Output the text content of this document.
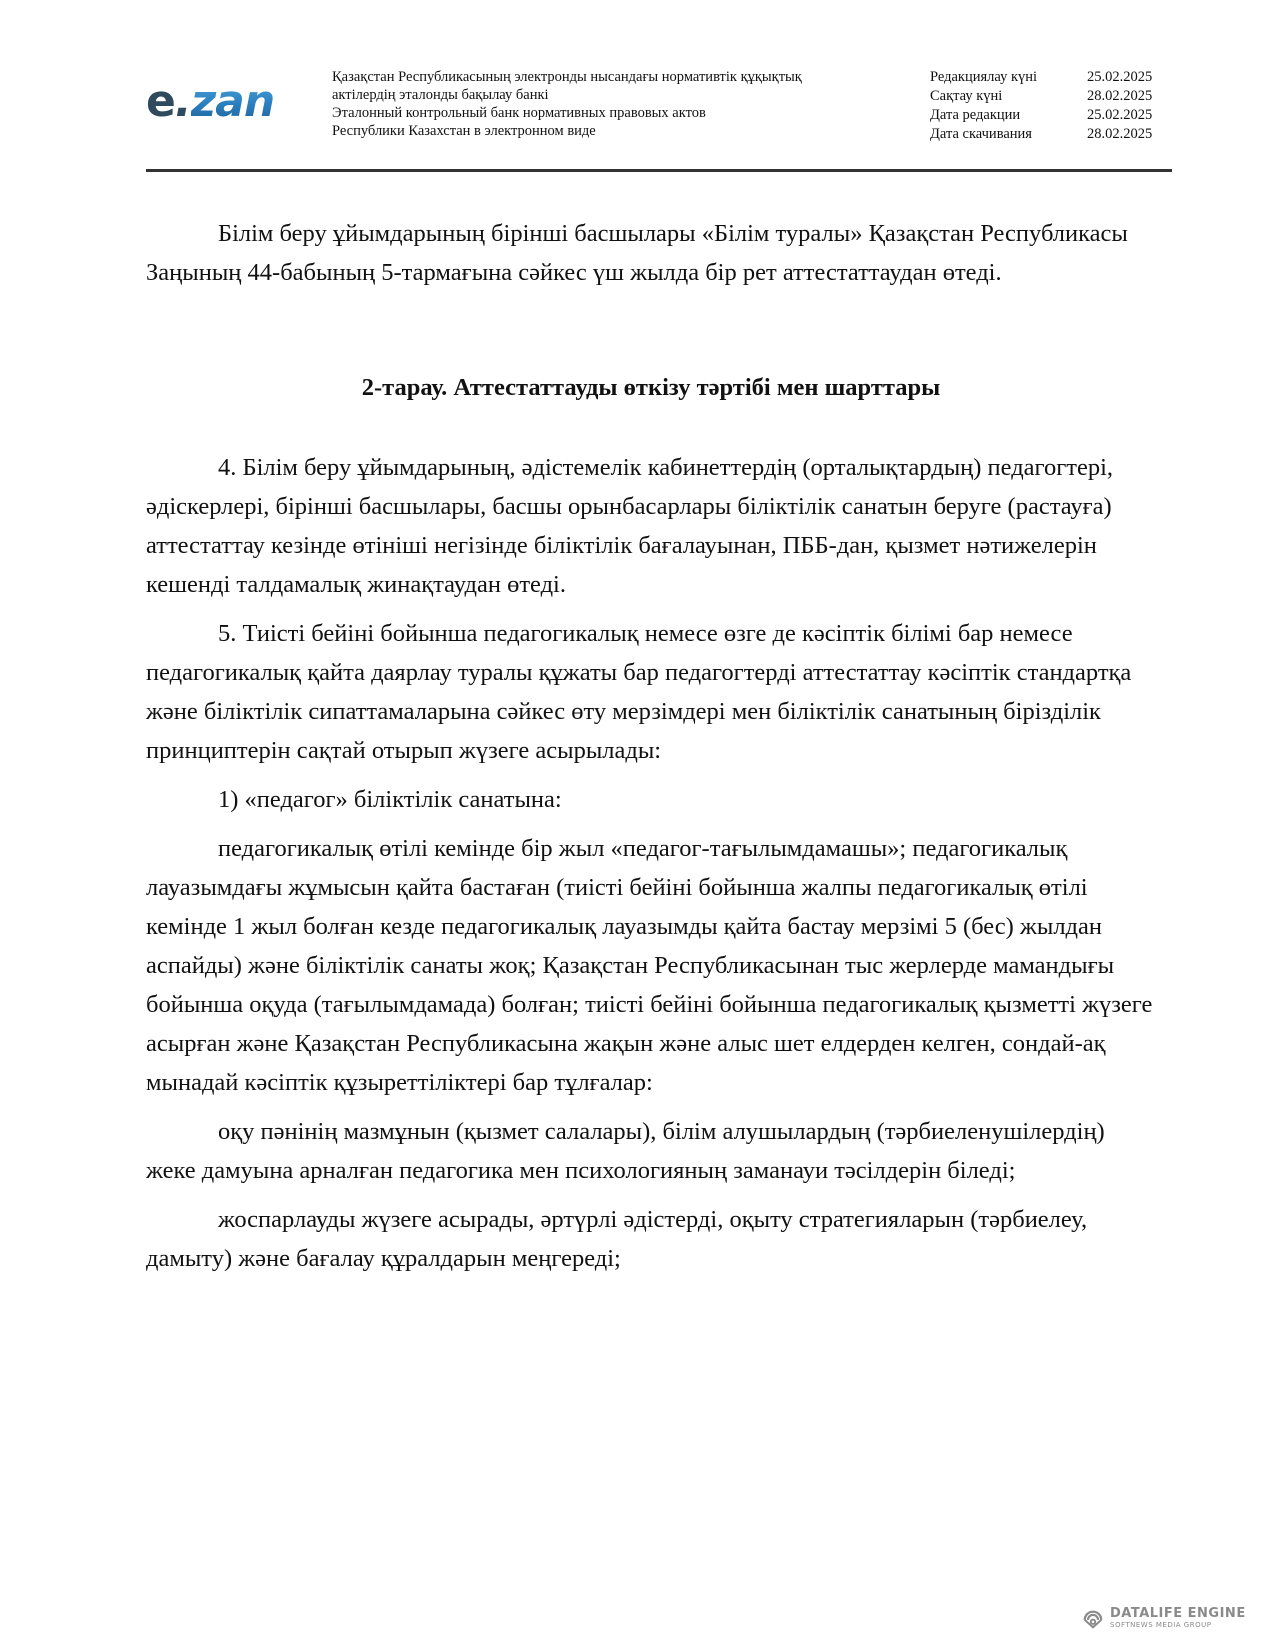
e.zan	Қазақстан Республикасының электронды нысандағы нормативтік құқықтық
актілердің эталонды бақылау банкі
Эталонный контрольный банк нормативных правовых актов
Республики Казахстан в электронном виде
Редакциялау күні	25.02.2025
Сақтау күні	28.02.2025
Дата редакции	25.02.2025
Дата скачивания	28.02.2025

Білім беру ұйымдарының бірінші басшылары «Білім туралы» Қазақстан Республикасы Заңының 44-бабының 5-тармағына сәйкес үш жылда бір рет аттестаттаудан өтеді.

2-тарау. Аттестаттауды өткізу тәртібі мен шарттары

4. Білім беру ұйымдарының, әдістемелік кабинеттердің (орталықтардың) педагогтері, әдіскерлері, бірінші басшылары, басшы орынбасарлары біліктілік санатын беруге (растауға) аттестаттау кезінде өтініші негізінде біліктілік бағалауынан, ПББ-дан, қызмет нәтижелерін кешенді талдамалық жинақтаудан өтеді.

5. Тиісті бейіні бойынша педагогикалық немесе өзге де кәсіптік білімі бар немесе педагогикалық қайта даярлау туралы құжаты бар педагогтерді аттестаттау кәсіптік стандартқа және біліктілік сипаттамаларына сәйкес өту мерзімдері мен біліктілік санатының бірізділік принциптерін сақтай отырып жүзеге асырылады:

1) «педагог» біліктілік санатына:

педагогикалық өтілі кемінде бір жыл «педагог-тағылымдамашы»; педагогикалық лауазымдағы жұмысын қайта бастаған (тиісті бейіні бойынша жалпы педагогикалық өтілі кемінде 1 жыл болған кезде педагогикалық лауазымды қайта бастау мерзімі 5 (бес) жылдан аспайды) және біліктілік санаты жоқ; Қазақстан Республикасынан тыс жерлерде мамандығы бойынша оқуда (тағылымдамада) болған; тиісті бейіні бойынша педагогикалық қызметті жүзеге асырған және Қазақстан Республикасына жақын және алыс шет елдерден келген, сондай-ақ мынадай кәсіптік құзыреттіліктері бар тұлғалар:

оқу пәнінің мазмұнын (қызмет салалары), білім алушылардың (тәрбиеленушілердің) жеке дамуына арналған педагогика мен психологияның заманауи тәсілдерін біледі;

жоспарлауды жүзеге асырады, әртүрлі әдістерді, оқыту стратегияларын (тәрбиелеу, дамыту) және бағалау құралдарын меңгереді;

DATALIFE ENGINE
SOFTNEWS MEDIA GROUP
